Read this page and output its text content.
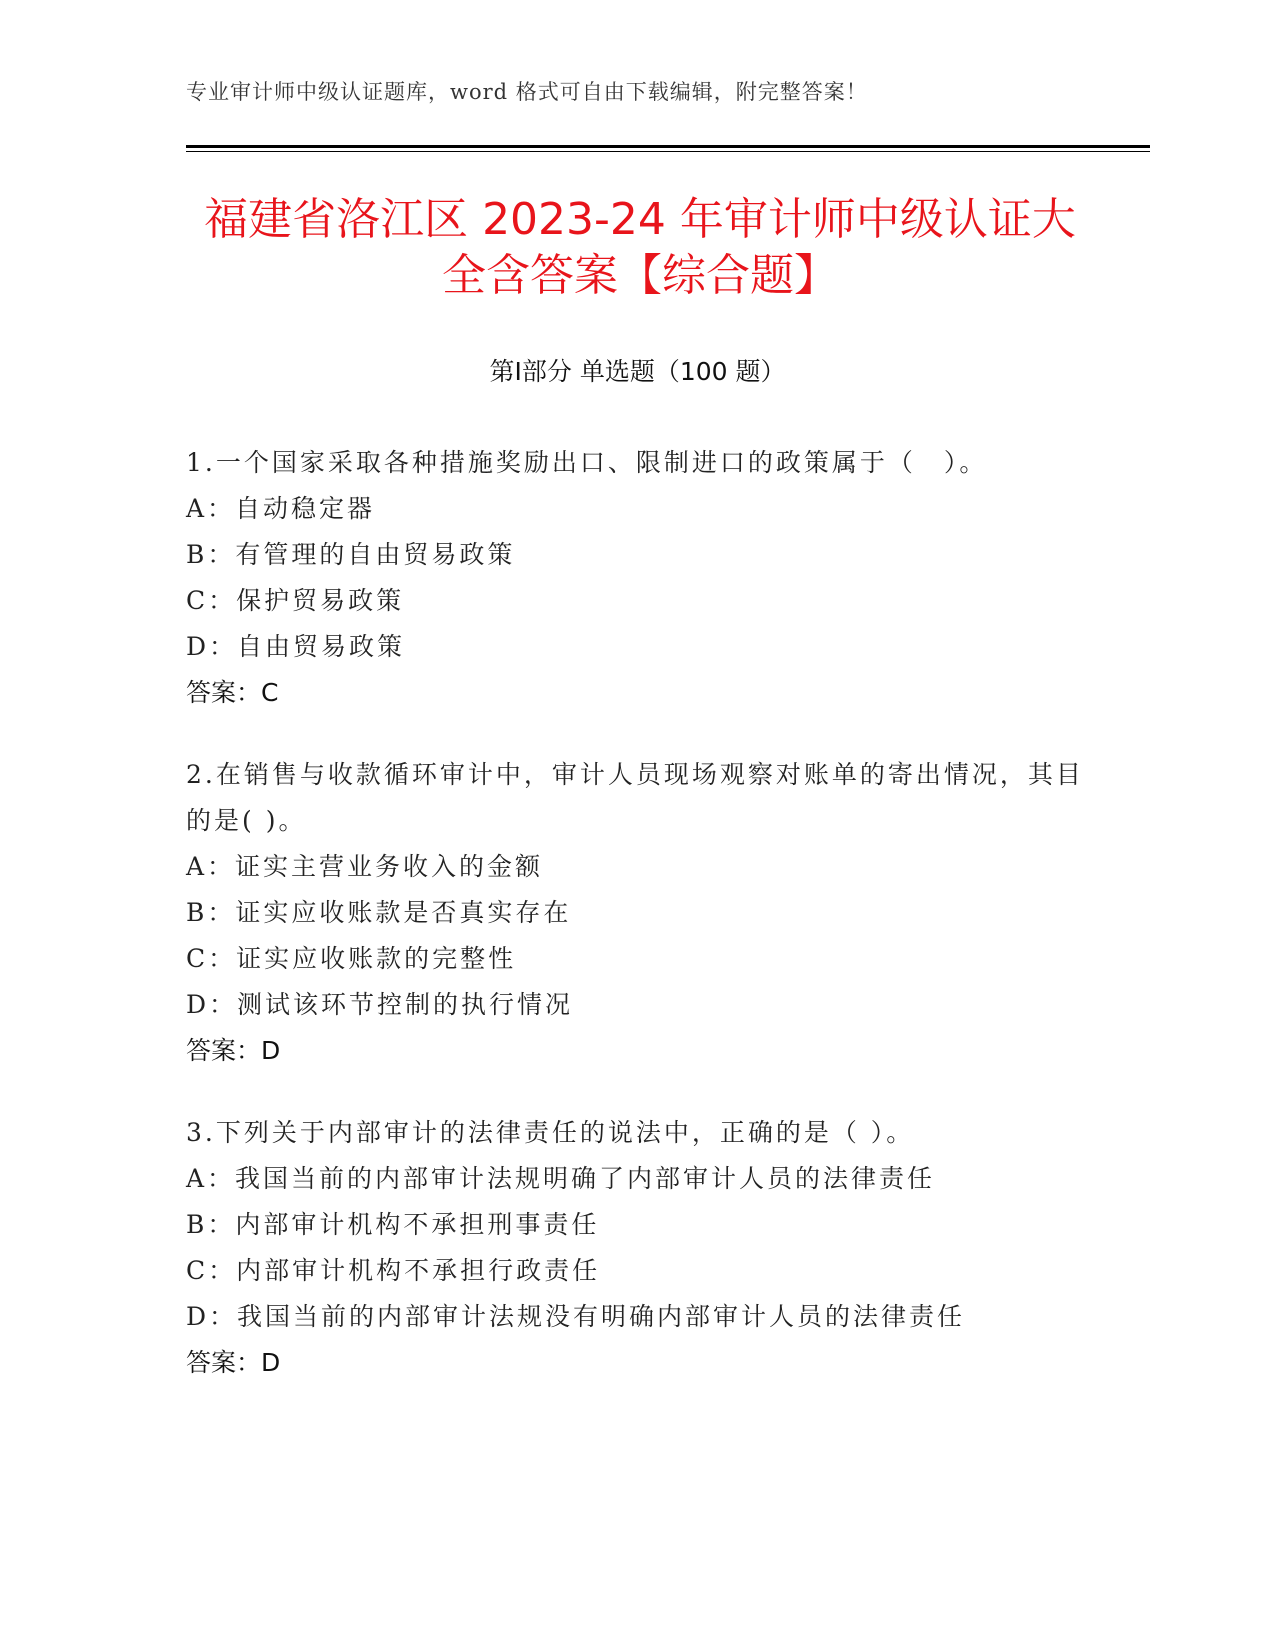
专业审计师中级认证题库，word 格式可自由下载编辑，附完整答案！
福建省洛江区 2023-24 年审计师中级认证大
全含答案【综合题】
第Ⅰ部分 单选题（100 题）

1.一个国家采取各种措施奖励出口、限制进口的政策属于（　）。

A：自动稳定器

B：有管理的自由贸易政策

C：保护贸易政策

D：自由贸易政策

答案：C

2.在销售与收款循环审计中，审计人员现场观察对账单的寄出情况，其目的是( )。

A：证实主营业务收入的金额

B：证实应收账款是否真实存在

C：证实应收账款的完整性

D：测试该环节控制的执行情况

答案：D

3.下列关于内部审计的法律责任的说法中，正确的是（ ）。

A：我国当前的内部审计法规明确了内部审计人员的法律责任

B：内部审计机构不承担刑事责任

C：内部审计机构不承担行政责任

D：我国当前的内部审计法规没有明确内部审计人员的法律责任

答案：D
